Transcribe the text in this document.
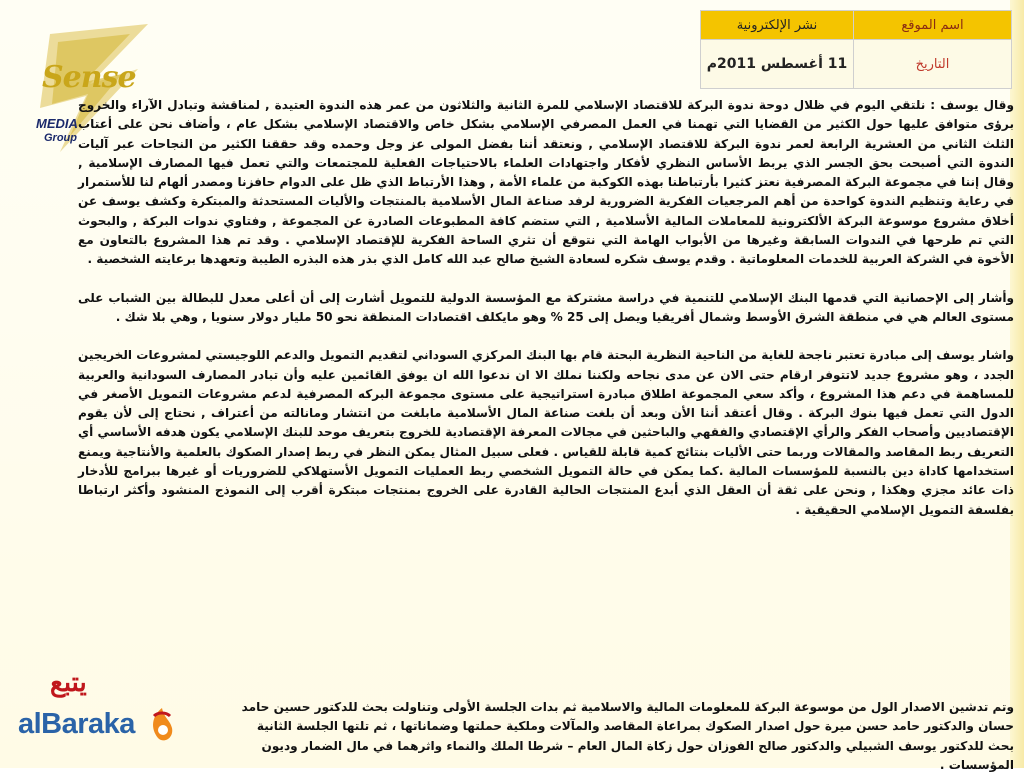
Sense
MEDIA
Group
اسم الموقع	نشر الإلكترونية
التاريخ	11 أغسطس 2011م

وقال يوسف : نلتقي اليوم في ظلال دوحة ندوة البركة للاقتصاد الإسلامي للمرة الثانية والثلاثون من عمر هذه الندوة العتيدة , لمناقشة وتبادل الآراء والخروج برؤى متوافق عليها حول الكثير من القضايا التي تهمنا في العمل المصرفي الإسلامي بشكل خاص والاقتصاد الإسلامي بشكل عام ، وأضاف نحن على أعتاب الثلث الثاني من العشرية الرابعة لعمر ندوة البركة للاقتصاد الإسلامي , ونعتقد أننا بفضل المولى عز وجل وحمده وقد حققنا الكثير من النجاحات عبر آليات الندوة التي أصبحت بحق الجسر الذي يربط الأساس النظري لأفكار واجتهادات العلماء بالاحتياجات الفعلية للمجتمعات والتي تعمل فيها المصارف الإسلامية , وقال إننا في مجموعة البركة المصرفية نعتز كثيرا بأرتباطنا بهذه الكوكبة من علماء الأمة , وهذا الأرتباط الذي ظل على الدوام حافزنا ومصدر ألهام لنا للأستمرار في رعاية وتنظيم الندوة كواحدة من أهم المرجعيات الفكرية الضرورية لرفد صناعة المال الأسلامية بالمنتجات والأليات المستحدثة والمبتكرة وكشف يوسف عن أخلاق مشروع موسوعة البركة الألكترونية للمعاملات المالية الأسلامية , التي ستضم كافة المطبوعات الصادرة عن المجموعة , وفتاوي ندوات البركة , والبحوث التي تم طرحها في الندوات السابقة وغيرها من الأبواب الهامة التي نتوقع أن تثري الساحة الفكرية للإقتصاد الإسلامي . وقد تم هذا المشروع بالتعاون مع الأخوة في الشركة العربية للخدمات المعلوماتية . وقدم يوسف شكره لسعادة الشيخ صالح عبد الله كامل الذي بذر هذه البذره الطيبة وتعهدها برعايته الشخصية .

وأشار إلى الإحصانية التي قدمها البنك الإسلامي للتنمية في دراسة مشتركة مع المؤسسة الدولية للتمويل أشارت إلى أن أعلى معدل للبطالة بين الشباب على مستوى العالم هي في منطقة الشرق الأوسط وشمال أفريقيا ويصل إلى 25 % وهو مايكلف اقتصادات المنطقة نحو 50 مليار دولار سنويا , وهي بلا شك .

واشار يوسف إلى مبادرة تعتبر ناجحة للغاية من الناحية النظرية البحتة قام بها البنك المركزي السوداني لتقديم التمويل والدعم اللوجيستي لمشروعات الخريجين الجدد ، وهو مشروع جديد لاتتوفر ارقام حتى الان عن مدى نجاحه ولكننا نملك الا ان ندعوا الله ان يوفق القائمين عليه وأن تبادر المصارف السودانية والعربية للمساهمة في دعم هذا المشروع ، وأكد سعي المجموعة اطلاق مبادرة استراتيجية على مستوى مجموعة البركه المصرفية لدعم مشروعات التمويل الأصغر في الدول التي تعمل فيها بنوك البركة . وقال أعتقد أننا الأن وبعد أن بلغت صناعة المال الأسلامية مابلغت من انتشار ومانالته من أعتراف , نحتاج إلى لأن يقوم الإقتصاديين وأصحاب الفكر والرأي الإقتصادي والفقهي والباحثين في مجالات المعرفة الإقتصادية للخروج بتعريف موحد للبنك الإسلامي يكون هدفه الأساسي أي التعريف ربط المقاصد والمقالات وربما حتى الأليات بنتائج كمية قابلة للقياس . فعلى سبيل المثال يمكن النظر في ربط إصدار الصكوك بالعلمية والأنتاجية ويمنع استخدامها كاداة دين بالنسبة للمؤسسات المالية .كما يمكن في حالة التمويل الشخصي ربط العمليات التمويل الأستهلاكي للضروريات أو غيرها ببرامج للأدخار ذات عائد مجزي وهكذا , ونحن على ثقة أن العقل الذي أبدع المنتجات الحالية القادرة على الخروج بمنتجات مبتكرة أقرب إلى النموذج المنشود وأكثر ارتباطا بفلسفة التمويل الإسلامي الحقيقية .

وتم تدشين الاصدار الول من موسوعة البركة للمعلومات المالية والاسلامية ثم بدات الجلسة الأولى وتناولت بحث للدكتور حسين حامد حسان والدكتور حامد حسن ميرة حول اصدار الصكوك بمراعاة المقاصد والمآلات وملكية حملتها وضماناتها ، ثم تلتها الجلسة الثانية بحث للدكتور يوسف الشبيلي والدكتور صالح الفوزان حول زكاة المال العام – شرطا الملك والنماء واثرهما في مال الضمار وديون المؤسسات .

يتبع
alBaraka
